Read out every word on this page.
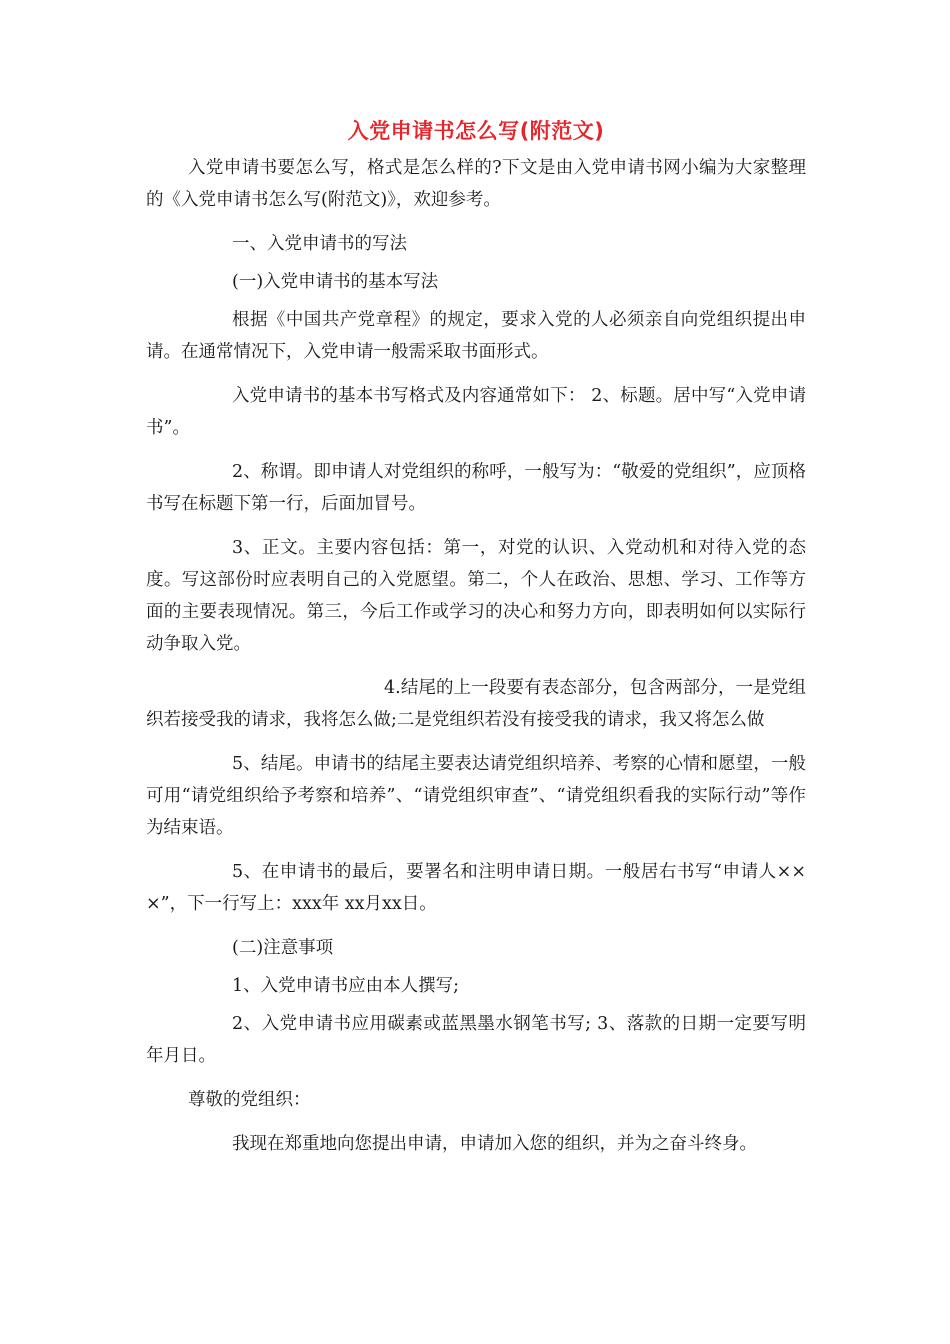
入党申请书怎么写(附范文)

入党申请书要怎么写，格式是怎么样的?下文是由入党申请书网小编为大家整理的《入党申请书怎么写(附范文)》，欢迎参考。

一、入党申请书的写法

(一)入党申请书的基本写法

根据《中国共产党章程》的规定，要求入党的人必须亲自向党组织提出申请。在通常情况下，入党申请一般需采取书面形式。

入党申请书的基本书写格式及内容通常如下： 2、标题。居中写“入党申请书”。

2、称谓。即申请人对党组织的称呼，一般写为：“敬爱的党组织”，应顶格书写在标题下第一行，后面加冒号。

3、正文。主要内容包括：第一，对党的认识、入党动机和对待入党的态度。写这部份时应表明自己的入党愿望。第二，个人在政治、思想、学习、工作等方面的主要表现情况。第三，今后工作或学习的决心和努力方向，即表明如何以实际行动争取入党。

4.结尾的上一段要有表态部分，包含两部分，一是党组织若接受我的请求，我将怎么做;二是党组织若没有接受我的请求，我又将怎么做

5、结尾。申请书的结尾主要表达请党组织培养、考察的心情和愿望，一般可用“请党组织给予考察和培养”、“请党组织审查”、“请党组织看我的实际行动”等作为结束语。

5、在申请书的最后，要署名和注明申请日期。一般居右书写“申请人×××”，下一行写上：xxx年 xx月xx日。

(二)注意事项

1、入党申请书应由本人撰写;

2、入党申请书应用碳素或蓝黑墨水钢笔书写; 3、落款的日期一定要写明年月日。

尊敬的党组织：

我现在郑重地向您提出申请，申请加入您的组织，并为之奋斗终身。
